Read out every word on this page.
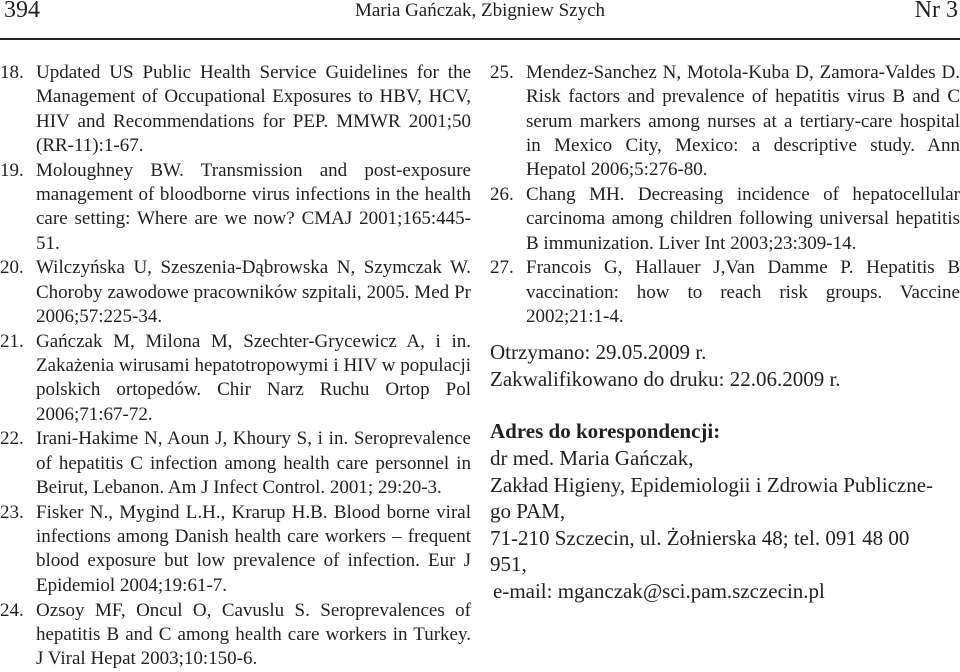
Maria Gańczak, Zbigniew Szych
394	Nr 3

18. Updated US Public Health Service Guidelines for the Management of Occupational Exposures to HBV, HCV, HIV and Recommendations for PEP. MMWR 2001;50 (RR-11):1-67.

19. Moloughney BW. Transmission and post-exposure management of bloodborne virus infections in the health care setting: Where are we now? CMAJ 2001;165:445-51.

20. Wilczyńska U, Szeszenia-Dąbrowska N, Szymczak W. Choroby zawodowe pracowników szpitali, 2005. Med Pr 2006;57:225-34.

21. Gańczak M, Milona M, Szechter-Grycewicz A, i in. Zakażenia wirusami hepatotropowymi i HIV w populacji polskich ortopedów. Chir Narz Ruchu Ortop Pol 2006;71:67-72.

22. Irani-Hakime N, Aoun J, Khoury S, i in. Seroprevalence of hepatitis C infection among health care personnel in Beirut, Lebanon. Am J Infect Control. 2001; 29:20-3.

23. Fisker N., Mygind L.H., Krarup H.B. Blood borne viral infections among Danish health care workers – frequent blood exposure but low prevalence of infection. Eur J Epidemiol 2004;19:61-7.

24. Ozsoy MF, Oncul O, Cavuslu S. Seroprevalences of hepatitis B and C among health care workers in Turkey. J Viral Hepat 2003;10:150-6.

25. Mendez-Sanchez N, Motola-Kuba D, Zamora-Valdes D. Risk factors and prevalence of hepatitis virus B and C serum markers among nurses at a tertiary-care hospital in Mexico City, Mexico: a descriptive study. Ann Hepatol 2006;5:276-80.

26. Chang MH. Decreasing incidence of hepatocellular carcinoma among children following universal hepatitis B immunization. Liver Int 2003;23:309-14.

27. Francois G, Hallauer J,Van Damme P. Hepatitis B vaccination: how to reach risk groups. Vaccine 2002;21:1-4.

Otrzymano: 29.05.2009 r.
Zakwalifikowano do druku: 22.06.2009 r.

Adres do korespondencji:

dr med. Maria Gańczak,

Zakład Higieny, Epidemiologii i Zdrowia Publiczne-go PAM,

71-210 Szczecin, ul. Żołnierska 48; tel. 091 48 00 951,

e-mail: mganczak@sci.pam.szczecin.pl
